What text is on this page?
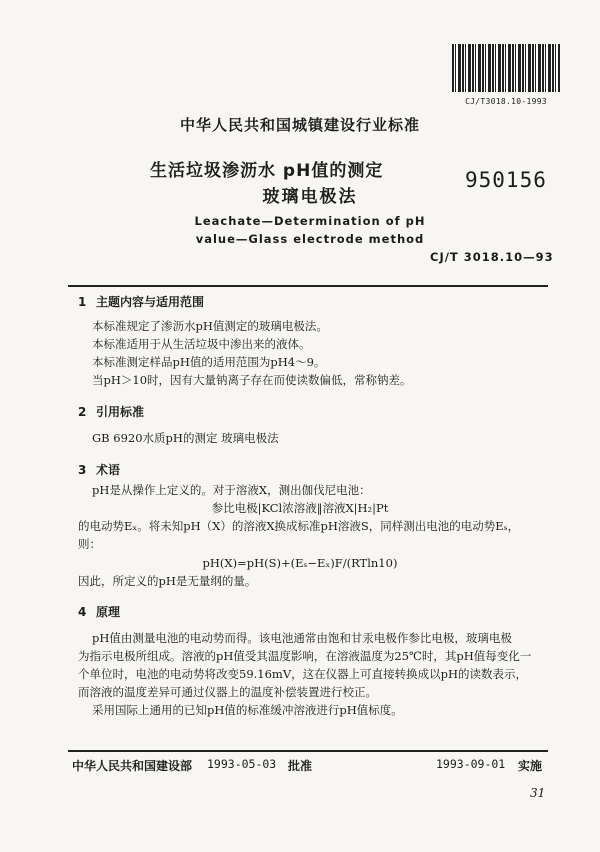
CJ/T3018.10-1993
中华人民共和国城镇建设行业标准
生活垃圾渗沥水 pH值的测定
玻璃电极法
950156
Leachate—Determination of pH
value—Glass electrode method
CJ/T 3018.10—93
1 主题内容与适用范围
本标准规定了渗沥水pH值测定的玻璃电极法。
本标准适用于从生活垃圾中渗出来的液体。
本标准测定样品pH值的适用范围为pH4～9。
当pH＞10时，因有大量钠离子存在而使读数偏低，常称钠差。
2 引用标准
GB 6920水质pH的测定 玻璃电极法
3 术语
pH是从操作上定义的。对于溶液X，测出伽伐尼电池：
参比电极|KCl浓溶液‖溶液X|H₂|Pt
的电动势Eₓ。将未知pH（X）的溶液X换成标准pH溶液S，同样测出电池的电动势Eₛ，
则：
pH(X)=pH(S)+(Eₛ−Eₓ)F/(RTln10)
因此，所定义的pH是无量纲的量。
4 原理
pH值由测量电池的电动势而得。该电池通常由饱和甘汞电极作参比电极，玻璃电极
为指示电极所组成。溶液的pH值受其温度影响，在溶液温度为25℃时，其pH值每变化一
个单位时，电池的电动势将改变59.16mV，这在仪器上可直接转换成以pH的读数表示，
而溶液的温度差异可通过仪器上的温度补偿装置进行校正。
采用国际上通用的已知pH值的标准缓冲溶液进行pH值标度。
中华人民共和国建设部 1993-05-03 批准	1993-09-01 实施
31
